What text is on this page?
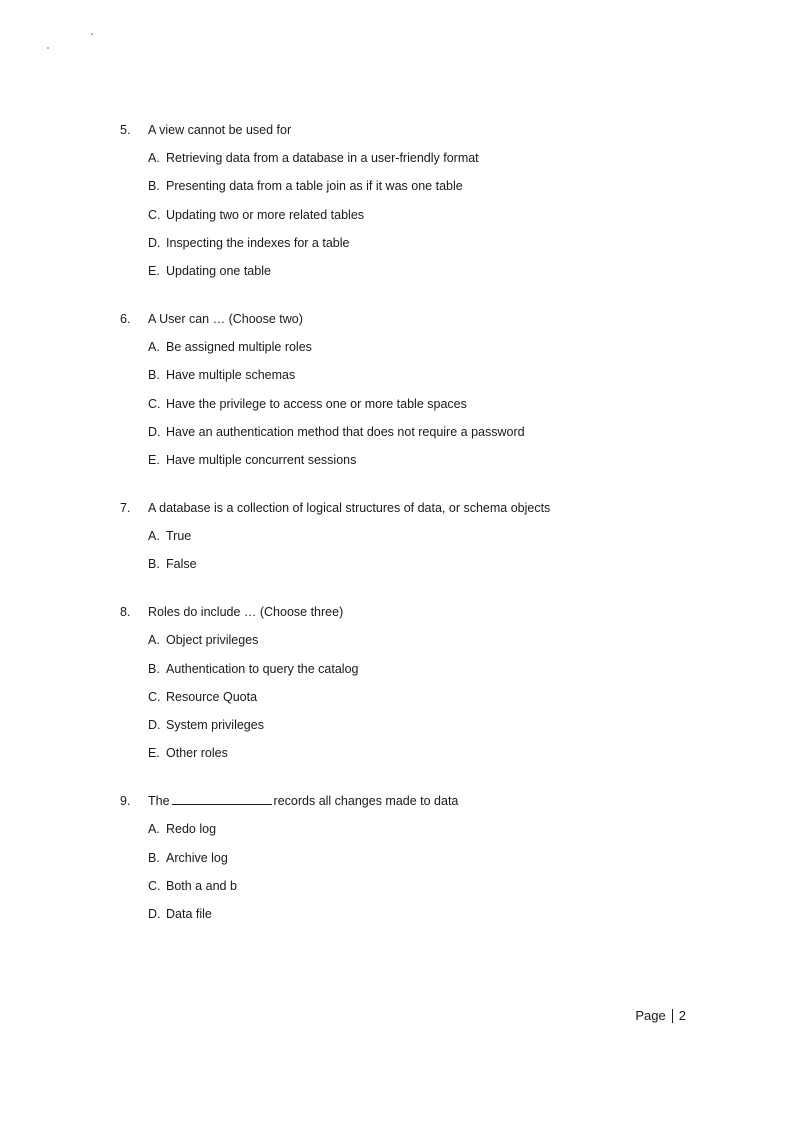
5.	A view cannot be used for
A. Retrieving data from a database in a user-friendly format
B. Presenting data from a table join as if it was one table
C. Updating two or more related tables
D. Inspecting the indexes for a table
E. Updating one table
6.	A User can … (Choose two)
A. Be assigned multiple roles
B. Have multiple schemas
C. Have the privilege to access one or more table spaces
D. Have an authentication method that does not require a password
E. Have multiple concurrent sessions
7.	A database is a collection of logical structures of data, or schema objects
A. True
B. False
8.	Roles do include … (Choose three)
A. Object privileges
B. Authentication to query the catalog
C. Resource Quota
D. System privileges
E. Other roles
9.	The	records all changes made to data
A. Redo log
B. Archive log
C. Both a and b
D. Data file
Page 2
